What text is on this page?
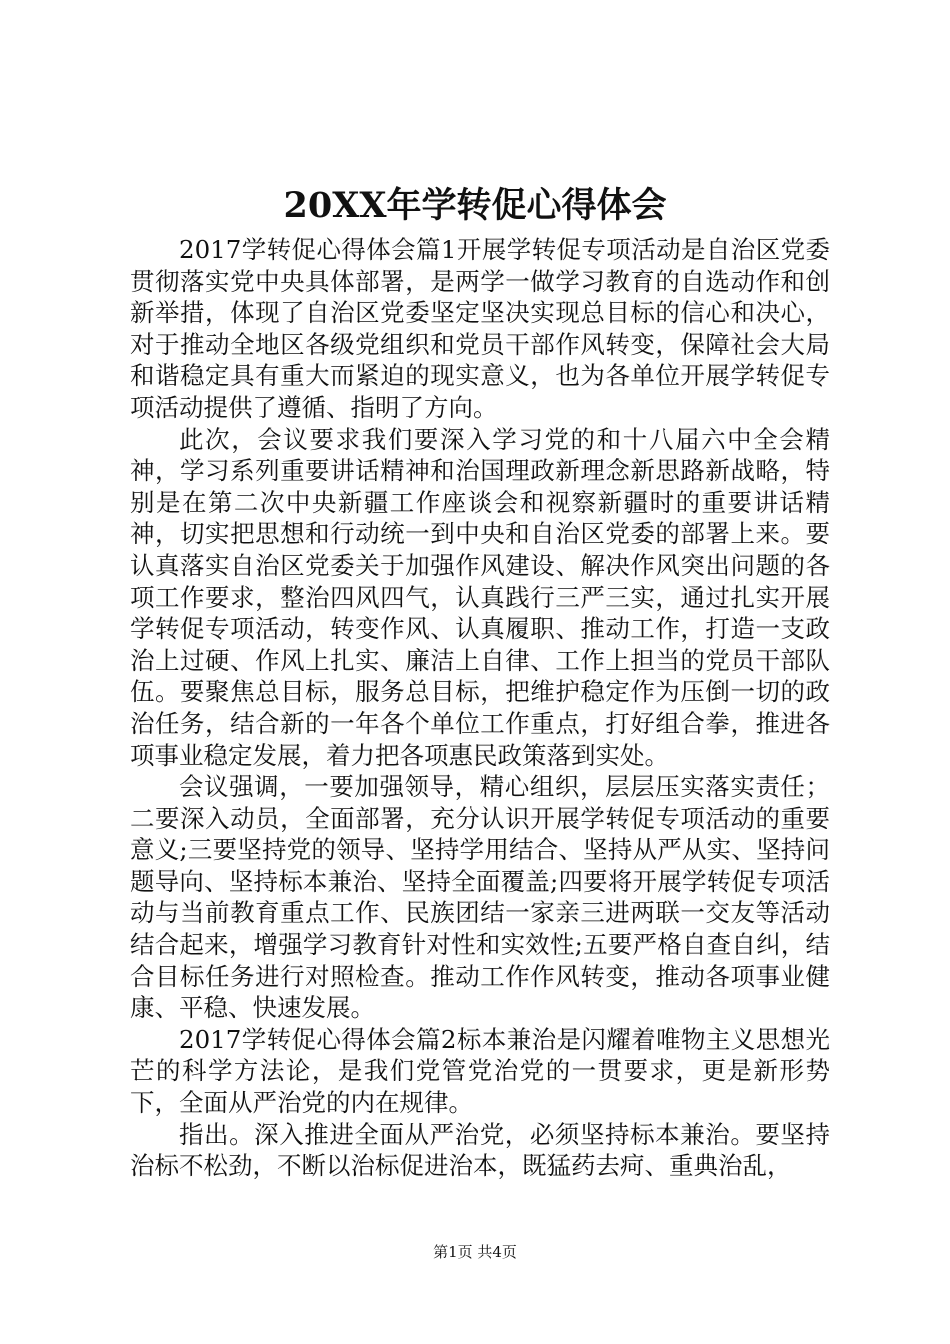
20XX年学转促心得体会

2017学转促心得体会篇1开展学转促专项活动是自治区党委贯彻落实党中央具体部署，是两学一做学习教育的自选动作和创新举措，体现了自治区党委坚定坚决实现总目标的信心和决心，对于推动全地区各级党组织和党员干部作风转变，保障社会大局和谐稳定具有重大而紧迫的现实意义，也为各单位开展学转促专项活动提供了遵循、指明了方向。

此次，会议要求我们要深入学习党的和十八届六中全会精神，学习系列重要讲话精神和治国理政新理念新思路新战略，特别是在第二次中央新疆工作座谈会和视察新疆时的重要讲话精神，切实把思想和行动统一到中央和自治区党委的部署上来。要认真落实自治区党委关于加强作风建设、解决作风突出问题的各项工作要求，整治四风四气，认真践行三严三实，通过扎实开展学转促专项活动，转变作风、认真履职、推动工作，打造一支政治上过硬、作风上扎实、廉洁上自律、工作上担当的党员干部队伍。要聚焦总目标，服务总目标，把维护稳定作为压倒一切的政治任务，结合新的一年各个单位工作重点，打好组合拳，推进各项事业稳定发展，着力把各项惠民政策落到实处。

会议强调，一要加强领导，精心组织，层层压实落实责任；二要深入动员，全面部署，充分认识开展学转促专项活动的重要意义;三要坚持党的领导、坚持学用结合、坚持从严从实、坚持问题导向、坚持标本兼治、坚持全面覆盖;四要将开展学转促专项活动与当前教育重点工作、民族团结一家亲三进两联一交友等活动结合起来，增强学习教育针对性和实效性;五要严格自查自纠，结合目标任务进行对照检查。推动工作作风转变，推动各项事业健康、平稳、快速发展。

2017学转促心得体会篇2标本兼治是闪耀着唯物主义思想光芒的科学方法论，是我们党管党治党的一贯要求，更是新形势下，全面从严治党的内在规律。

指出。深入推进全面从严治党，必须坚持标本兼治。要坚持治标不松劲，不断以治标促进治本，既猛药去疴、重典治乱，

第1页 共4页
